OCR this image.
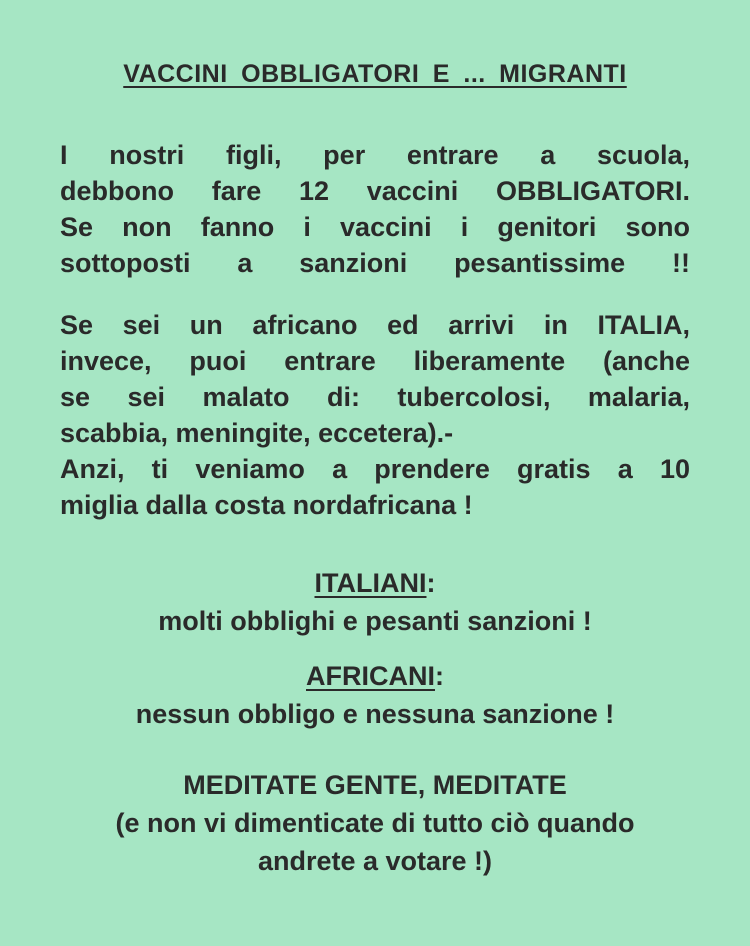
VACCINI OBBLIGATORI E ... MIGRANTI
I nostri figli, per entrare a scuola,
debbono fare 12 vaccini OBBLIGATORI.
Se non fanno i vaccini i genitori sono
sottoposti a sanzioni pesantissime !!
Se sei un africano ed arrivi in ITALIA,
invece, puoi entrare liberamente (anche
se sei malato di: tubercolosi, malaria,
scabbia, meningite, eccetera).-
Anzi, ti veniamo a prendere gratis a 10
miglia dalla costa nordafricana !
ITALIANI:
molti obblighi e pesanti sanzioni !
AFRICANI:
nessun obbligo e nessuna sanzione !
MEDITATE GENTE, MEDITATE
(e non vi dimenticate di tutto ciò quando
andrete a votare !)
